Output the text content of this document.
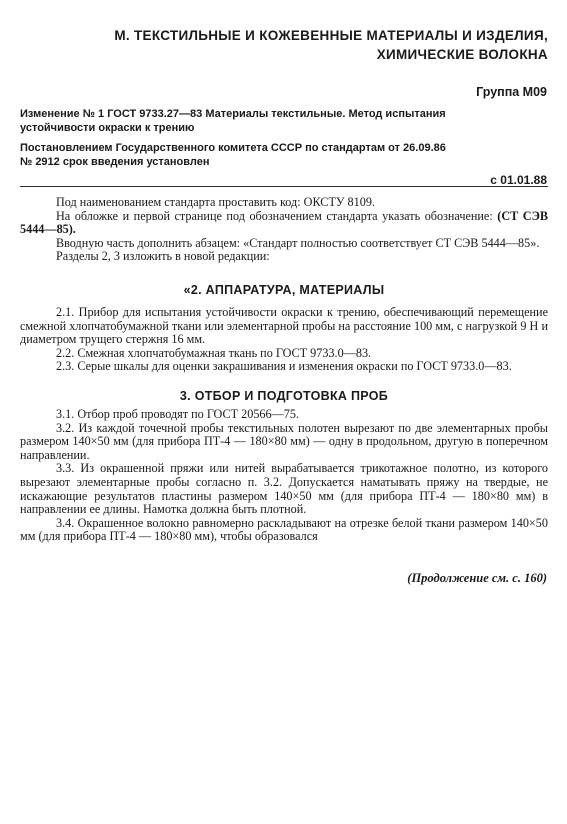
М. ТЕКСТИЛЬНЫЕ И КОЖЕВЕННЫЕ МАТЕРИАЛЫ И ИЗДЕЛИЯ,
ХИМИЧЕСКИЕ ВОЛОКНА
Группа М09
Изменение № 1 ГОСТ 9733.27—83 Материалы текстильные. Метод испытания
устойчивости окраски к трению
Постановлением Государственного комитета СССР по стандартам от 26.09.86
№ 2912 срок введения установлен
с 01.01.88

Под наименованием стандарта проставить код: ОКСТУ 8109.

На обложке и первой странице под обозначением стандарта указать обозначение: (СТ СЭВ 5444—85).

Вводную часть дополнить абзацем: «Стандарт полностью соответствует СТ СЭВ 5444—85».

Разделы 2, 3 изложить в новой редакции:

«2. АППАРАТУРА, МАТЕРИАЛЫ

2.1. Прибор для испытания устойчивости окраски к трению, обеспечивающий перемещение смежной хлопчатобумажной ткани или элементарной пробы на расстояние 100 мм, с нагрузкой 9 Н и диаметром трущего стержня 16 мм.

2.2. Смежная хлопчатобумажная ткань по ГОСТ 9733.0—83.

2.3. Серые шкалы для оценки закрашивания и изменения окраски по ГОСТ 9733.0—83.

3. ОТБОР И ПОДГОТОВКА ПРОБ

3.1. Отбор проб проводят по ГОСТ 20566—75.

3.2. Из каждой точечной пробы текстильных полотен вырезают по две элементарных пробы размером 140×50 мм (для прибора ПТ-4 — 180×80 мм) — одну в продольном, другую в поперечном направлении.

3.3. Из окрашенной пряжи или нитей вырабатывается трикотажное полотно, из которого вырезают элементарные пробы согласно п. 3.2. Допускается наматывать пряжу на твердые, не искажающие результатов пластины размером 140×50 мм (для прибора ПТ-4 — 180×80 мм) в направлении ее длины. Намотка должна быть плотной.

3.4. Окрашенное волокно равномерно раскладывают на отрезке белой ткани размером 140×50 мм (для прибора ПТ-4 — 180×80 мм), чтобы образовался

(Продолжение см. с. 160)
